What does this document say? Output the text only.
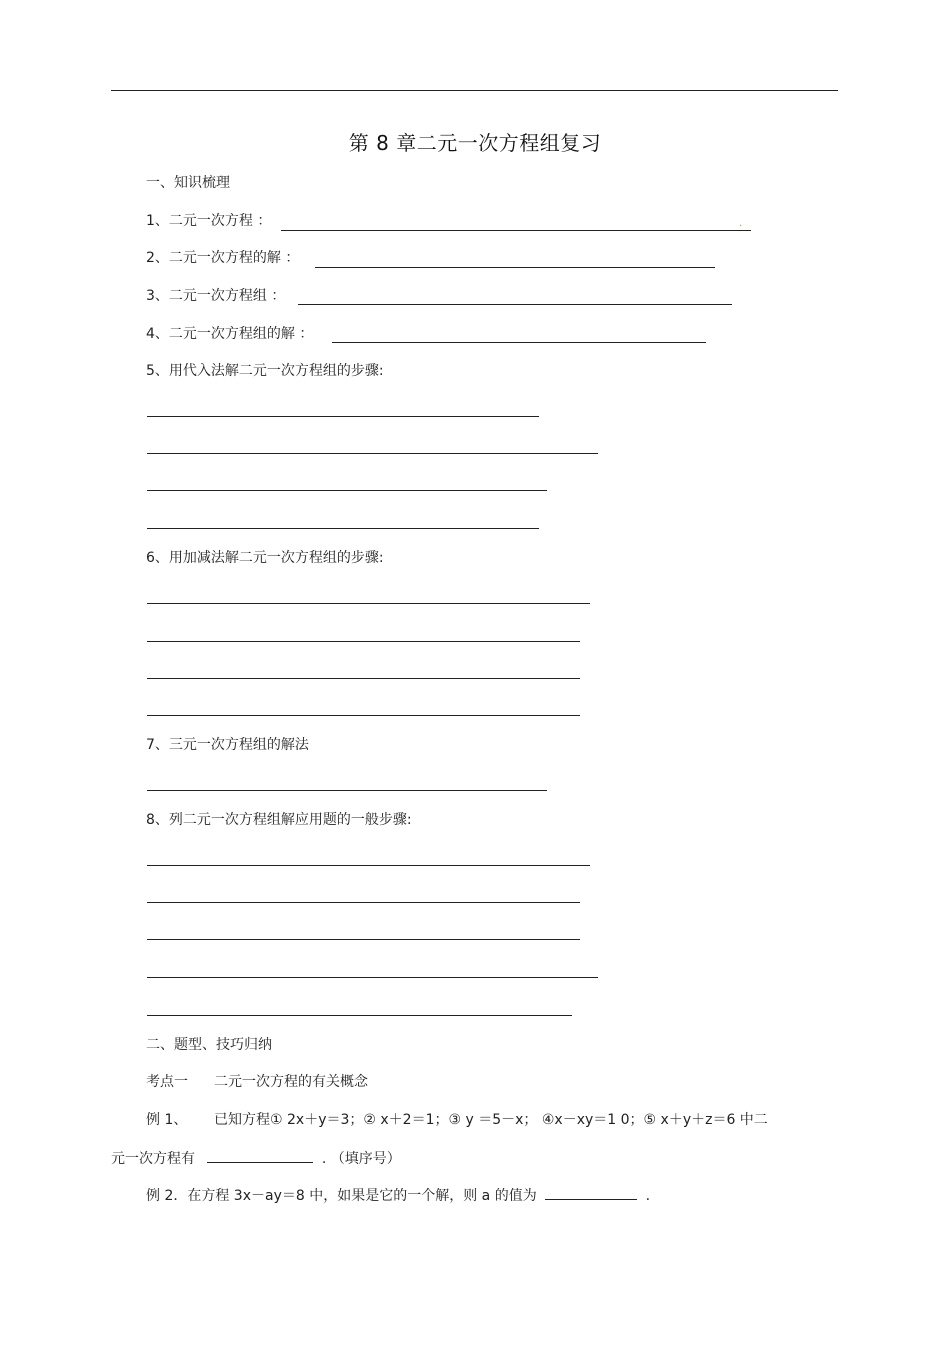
第 8 章二元一次方程组复习
一、知识梳理
1、二元一次方程 ：	.
2、二元一次方程的解 ：
3、二元一次方程组 ：
4、二元一次方程组的解 ：
5、用代入法解二元一次方程组的步骤:
6、用加减法解二元一次方程组的步骤:
7、三元一次方程组的解法
8、列二元一次方程组解应用题的一般步骤:
二、题型、技巧归纳
考点一 二元一次方程的有关概念
例 1、 已知方程① 2x＋y＝3；② x＋2＝1；③ y ＝5－x； ④x－xy＝1 0；⑤ x＋y＋z＝6 中二
元一次方程有	. （填序号）
例 2．在方程 3x－ay＝8 中，如果是它的一个解，则 a 的值为	.
